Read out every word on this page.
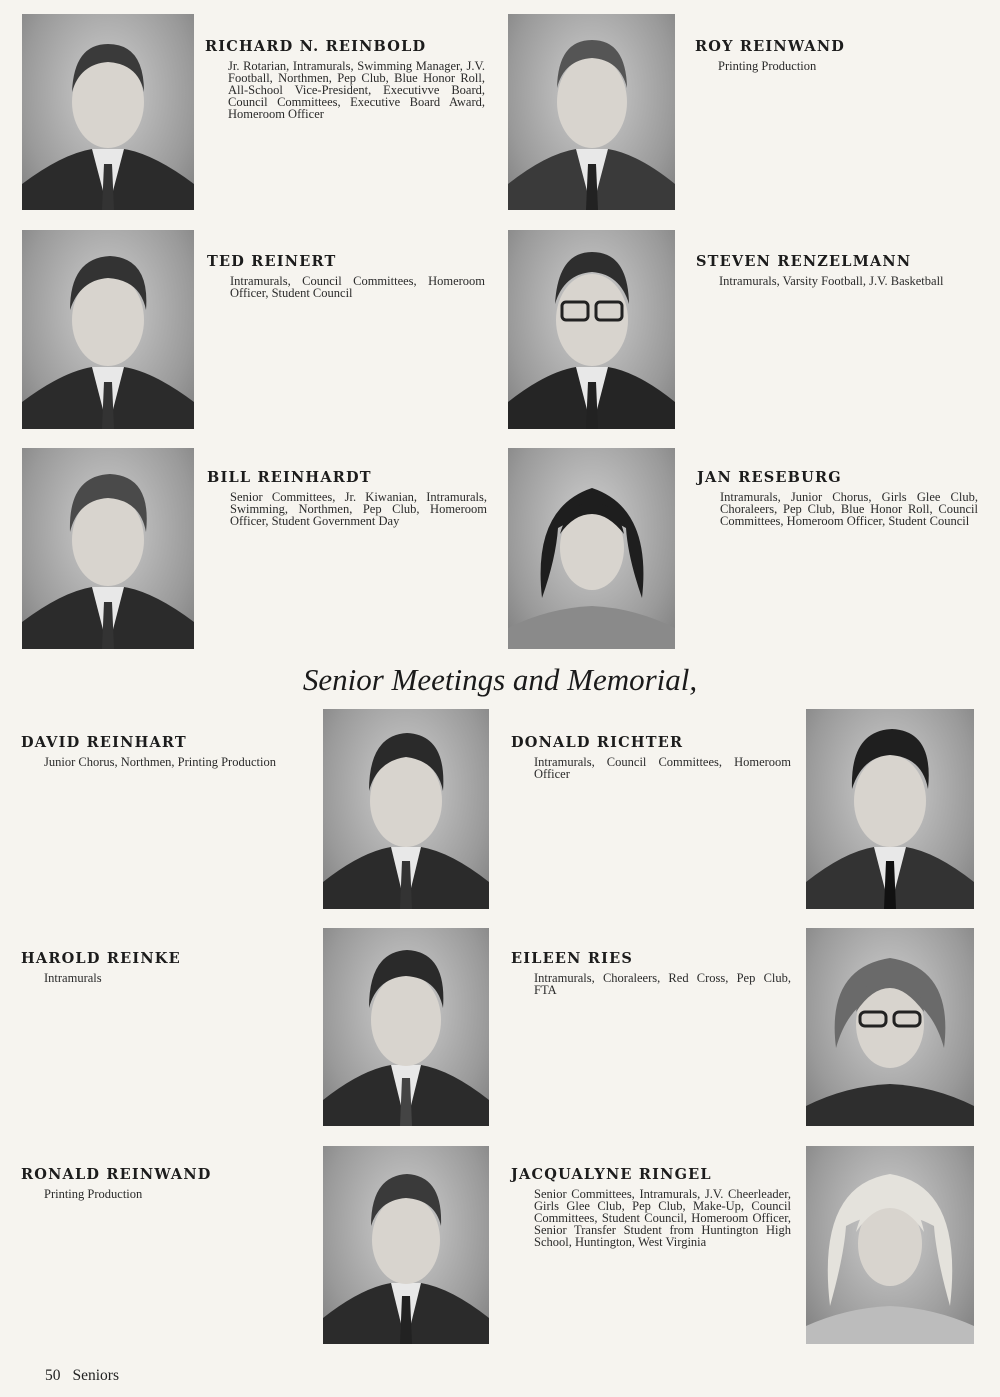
RICHARD N. REINBOLD

Jr. Rotarian, Intramurals, Swimming Manager, J.V. Football, Northmen, Pep Club, Blue Honor Roll, All-School Vice-President, Executivve Board, Council Committees, Executive Board Award, Homeroom Officer

ROY REINWAND

Printing Production

TED REINERT

Intramurals, Council Committees, Homeroom Officer, Student Council

STEVEN RENZELMANN

Intramurals, Varsity Football, J.V. Basketball

BILL REINHARDT

Senior Committees, Jr. Kiwanian, Intramurals, Swimming, Northmen, Pep Club, Homeroom Officer, Student Government Day

JAN RESEBURG

Intramurals, Junior Chorus, Girls Glee Club, Choraleers, Pep Club, Blue Honor Roll, Council Committees, Homeroom Officer, Student Council

Senior Meetings and Memorial,

DAVID REINHART

Junior Chorus, Northmen, Printing Production

DONALD RICHTER

Intramurals, Council Committees, Homeroom Officer

HAROLD REINKE

Intramurals

EILEEN RIES

Intramurals, Choraleers, Red Cross, Pep Club, FTA

RONALD REINWAND

Printing Production

JACQUALYNE RINGEL

Senior Committees, Intramurals, J.V. Cheerleader, Girls Glee Club, Pep Club, Make-Up, Council Committees, Student Council, Homeroom Officer, Senior Transfer Student from Huntington High School, Huntington, West Virginia

50 Seniors
